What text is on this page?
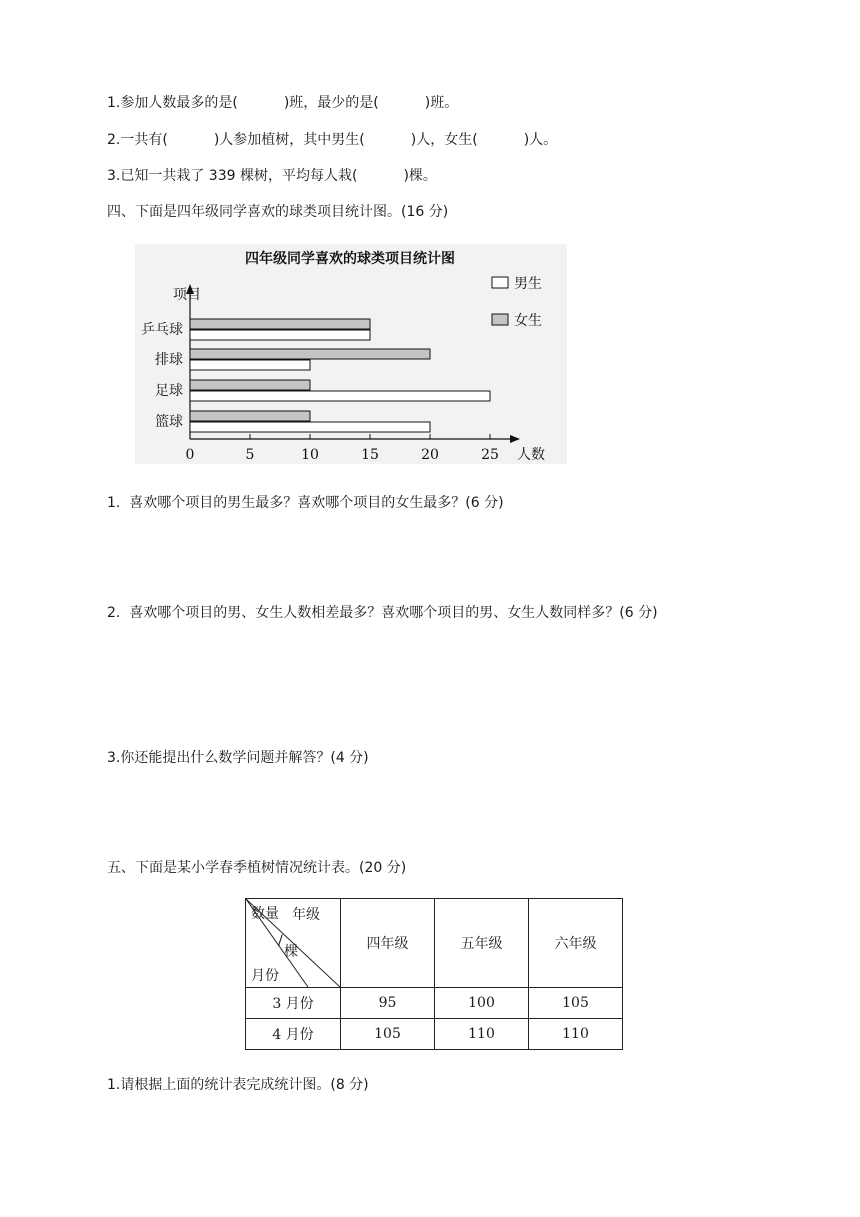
1.参加人数最多的是(	)班，最少的是(	)班。
2.一共有(	)人参加植树，其中男生(	)人，女生(	)人。
3.已知一共栽了 339 棵树，平均每人栽(	)棵。
四、下面是四年级同学喜欢的球类项目统计图。(16 分)
四年级同学喜欢的球类项目统计图
项目
人数
0	5	10	15	20	25
乒乓球
排球
足球
篮球
男生
女生
1.  喜欢哪个项目的男生最多？喜欢哪个项目的女生最多？(6 分)
2.  喜欢哪个项目的男、女生人数相差最多？喜欢哪个项目的男、女生人数同样多？(6 分)
3.你还能提出什么数学问题并解答？(4 分)
五、下面是某小学春季植树情况统计表。(20 分)
年级
数量
/
棵
月份	四年级	五年级	六年级
3 月份	95	100	105
4 月份	105	110	110
1.请根据上面的统计表完成统计图。(8 分)
